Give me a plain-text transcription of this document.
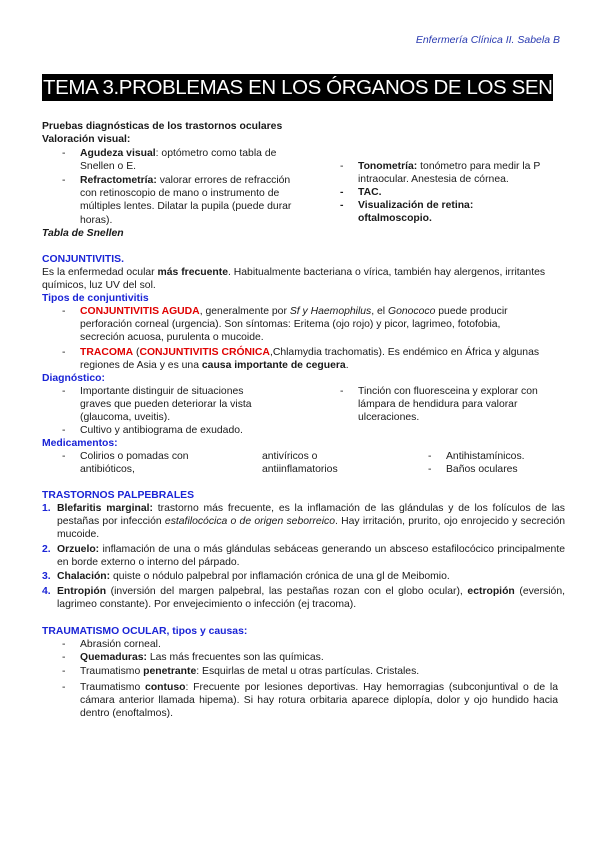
Enfermería Clínica II. Sabela B
TEMA 3.PROBLEMAS EN LOS ÓRGANOS DE LOS SENTIDOS
Pruebas diagnósticas de los trastornos oculares
Valoración visual:
-	Agudeza visual: optómetro como tabla de Snellen o E.

-	Refractometría: valorar errores de refracción con retinoscopio de mano o instrumento de múltiples lentes. Dilatar la pupila (puede durar horas).

-	Tonometría: tonómetro para medir la P intraocular. Anestesia de córnea.

-	TAC.

-	Visualización de retina: oftalmoscopio.

Tabla de Snellen
CONJUNTIVITIS.

Es la enfermedad ocular más frecuente. Habitualmente bacteriana o vírica, también hay alergenos, irritantes químicos, luz UV del sol.

Tipos de conjuntivitis
-	CONJUNTIVITIS AGUDA, generalmente por Sf y Haemophilus, el Gonococo puede producir perforación corneal (urgencia). Son síntomas: Eritema (ojo rojo) y picor, lagrimeo, fotofobia, secreción acuosa, purulenta o mucoide.

-	TRACOMA (CONJUNTIVITIS CRÓNICA,Chlamydia trachomatis). Es endémico en África y algunas regiones de Asia y es una causa importante de ceguera.

Diagnóstico:
-	Importante distinguir de situaciones graves que pueden deteriorar la vista (glaucoma, uveitis).

-	Cultivo y antibiograma de exudado.

-	Tinción con fluoresceina y explorar con lámpara de hendidura para valorar ulceraciones.

Medicamentos:
-	Colirios o pomadas con antibióticos,

antivíricos o antiinflamatorios

-	Antihistamínicos.

-	Baños oculares

TRASTORNOS PALPEBRALES
1. Blefaritis marginal: trastorno más frecuente, es la inflamación de las glándulas y de los folículos de las pestañas por infección estafilocócica o de origen seborreico. Hay irritación, prurito, ojo enrojecido y secreción mucoide.

2. Orzuelo: inflamación de una o más glándulas sebáceas generando un absceso estafilocócico principalmente en borde externo o interno del párpado.

3. Chalación: quiste o nódulo palpebral por inflamación crónica de una gl de Meibomio.

4. Entropión (inversión del margen palpebral, las pestañas rozan con el globo ocular), ectropión (eversión, lagrimeo constante). Por envejecimiento o infección (ej tracoma).

TRAUMATISMO OCULAR, tipos y causas:
-	Abrasión corneal.

-	Quemaduras: Las más frecuentes son las químicas.

-	Traumatismo penetrante: Esquirlas de metal u otras partículas. Cristales.

-	Traumatismo contuso: Frecuente por lesiones deportivas. Hay hemorragias (subconjuntival o de la cámara anterior llamada hipema). Si hay rotura orbitaria aparece diplopía, dolor y ojo hundido hacia dentro (enoftalmos).
